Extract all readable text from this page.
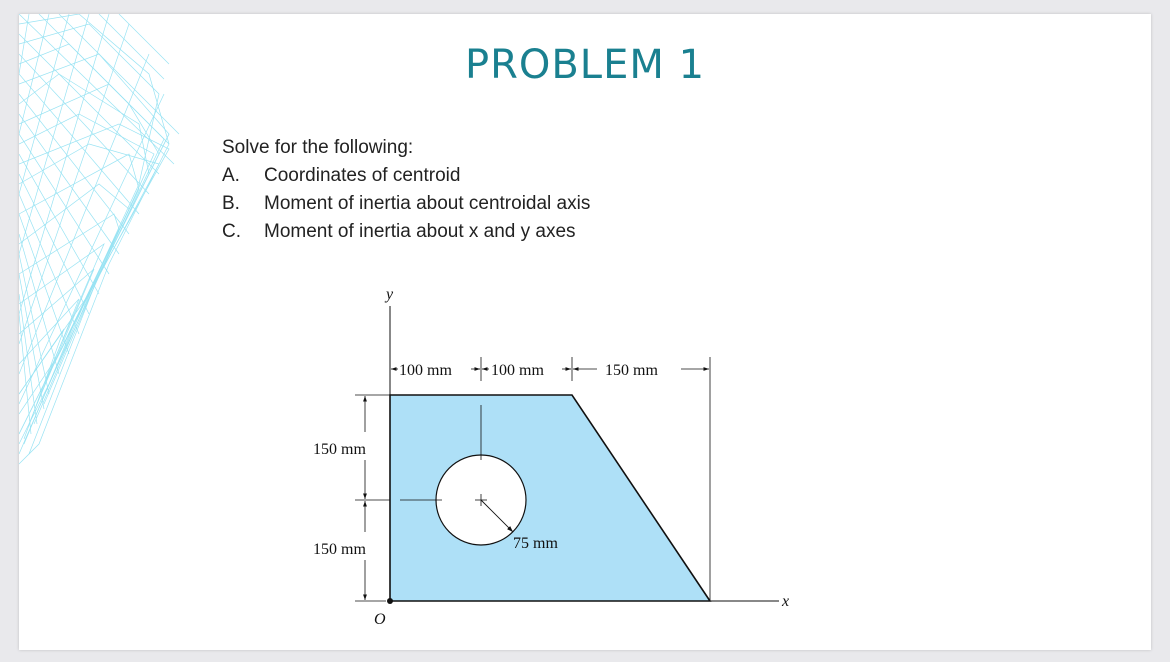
PROBLEM 1
Solve for the following:
A.	Coordinates of centroid
B.	Moment of inertia about centroidal axis
C.	Moment of inertia about x and y axes
75 mm
y
x
O
100 mm 100 mm	150 mm
150 mm
150 mm
